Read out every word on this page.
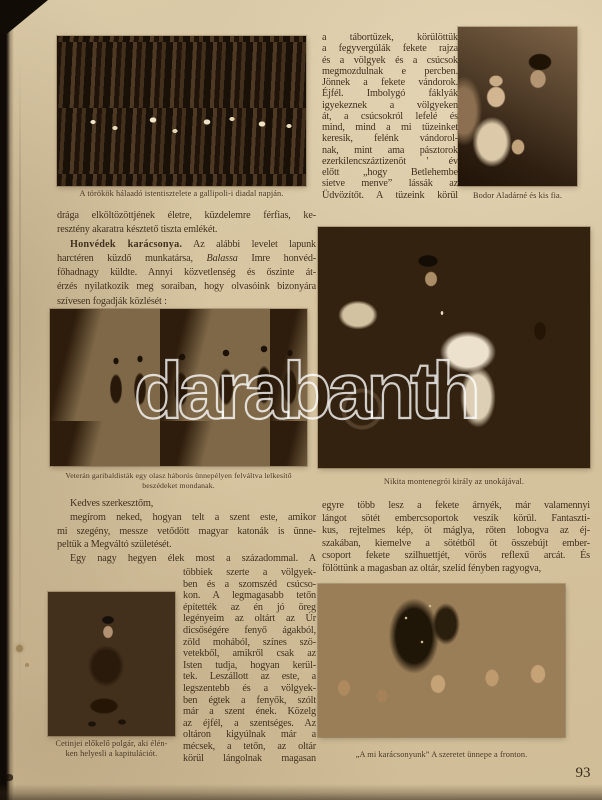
A törökök hálaadó istentisztelete a gallipoli-i diadal napján.	Bodor Aladárné és kis fia.
a tábortüzek, körülöttük
a fegyvergúlák fekete rajza
és a völgyek és a csúcsok
megmozdulnak e percben.
Jönnek a fekete vándorok.
Éjfél. Imbolygó fáklyák
igyekeznek a völgyeken
át, a csúcsokról lefelé és
mind, mind a mi tüzeinket
keresik, felénk vándorol-
nak, mint ama pásztorok
ezerkilencszáztizenöt ' év
előtt „hogy Betlehembe
sietve menve” lássák az
Üdvözítőt. A tüzeink körül
drága elköltözöttjének életre, küzdelemre férfias, ke-
resztény akaratra késztető tiszta emlékét.
Honvédek karácsonya. Az alábbi levelet lapunk
harctéren küzdő munkatársa, Balassa Imre honvéd-
főhadnagy küldte. Annyi közvetlenség és őszinte át-
érzés nyilatkozik meg soraiban, hogy olvasóink bizonyára
szívesen fogadják közlését :
Veterán garibaldisták egy olasz háborús ünnepélyen felváltva lelkesítő
beszédeket mondanak.	Nikita montenegrói király az unokájával.
Kedves szerkesztőm,
megírom neked, hogyan telt a szent este, amikor
mi szegény, messze vetődött magyar katonák is ünne-
peltük a Megváltó születését.
Egy nagy hegyen élek most a századommal. A
egyre több lesz a fekete árnyék, már valamennyi
lángot sötét embercsoportok veszik körül. Fantaszti-
kus, rejtelmes kép, öt máglya, rőten lobogva az éj-
szakában, kiemelve a sötétből öt összebújt ember-
csoport fekete szilhuettjét, vörös reflexű arcát. És
fölöttünk a magasban az oltár, szelíd fényben ragyogva,
Cetinjei előkelő polgár, aki élén-
ken helyesli a kapitulációt.
többiek szerte a völgyek-
ben és a szomszéd csúcso-
kon. A legmagasabb tetőn
építették az én jó öreg
legényeim az oltárt az Úr
dicsőségére fenyő ágakból,
zöld mohából, színes szö-
vetekből, amikről csak az
Isten tudja, hogyan kerül-
tek. Leszállott az este, a
legszentebb és a völgyek-
ben égtek a fenyők, szólt
már a szent ének. Közelg
az éjfél, a szentséges. Az
oltáron kigyúlnak már a
mécsek, a tetőn, az oltár
körül lángolnak magasan	„A mi karácsonyunk” A szeretet ünnepe a fronton.
93
